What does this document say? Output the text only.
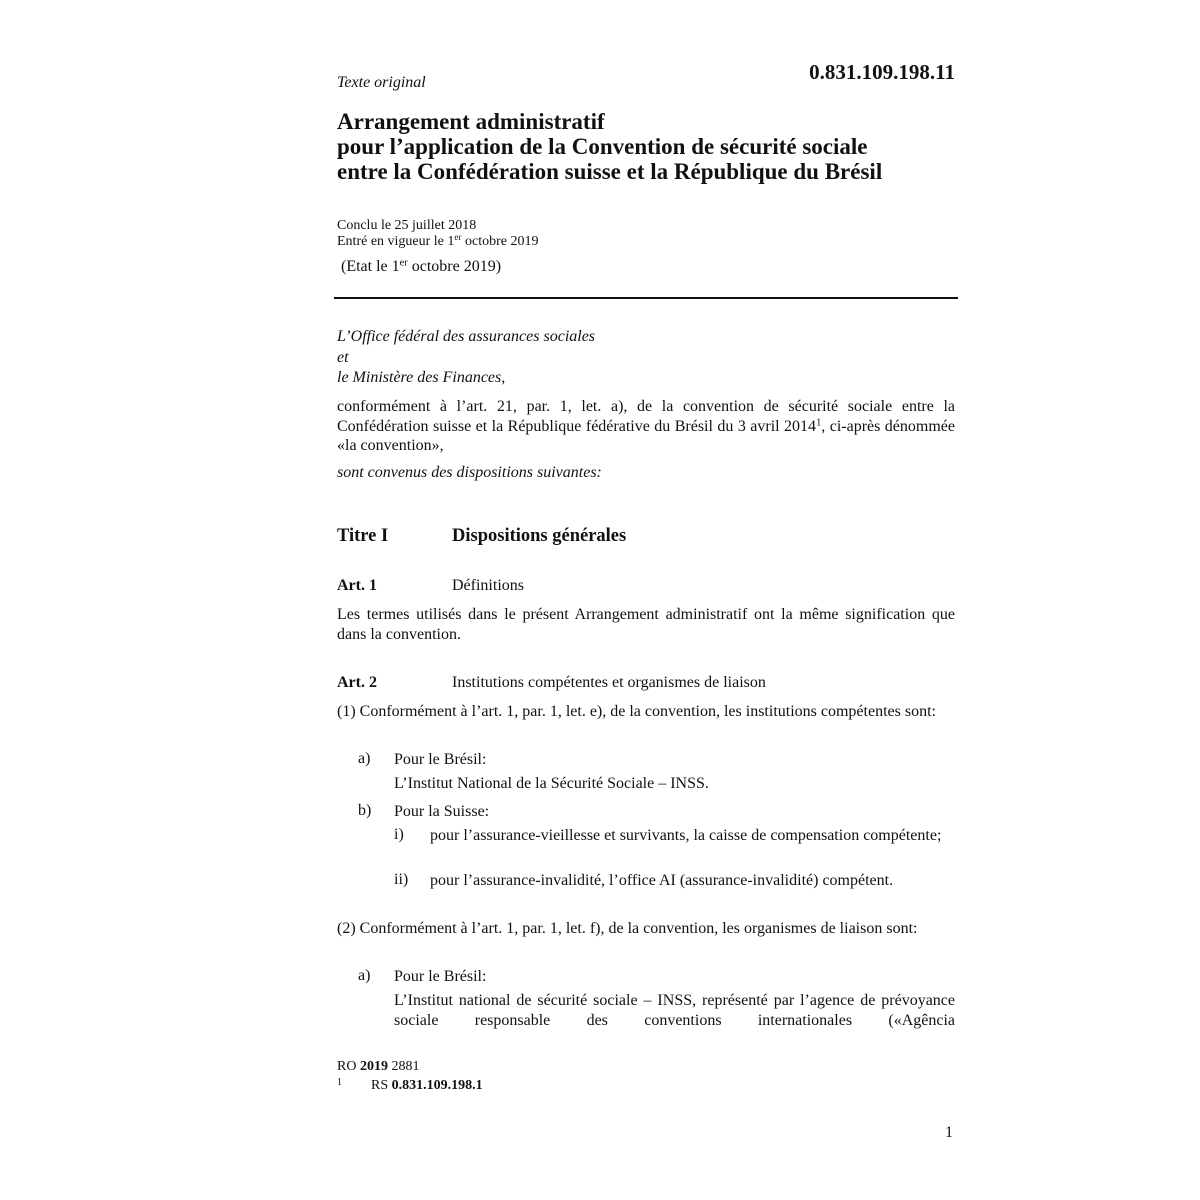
Texte original	0.831.109.198.11
Arrangement administratif
pour l’application de la Convention de sécurité sociale
entre la Confédération suisse et la République du Brésil
Conclu le 25 juillet 2018
Entré en vigueur le 1er octobre 2019
(Etat le 1er octobre 2019)
L’Office fédéral des assurances sociales
et
le Ministère des Finances,
conformément à l’art. 21, par. 1, let. a), de la convention de sécurité sociale entre la Confédération suisse et la République fédérative du Brésil du 3 avril 2014$^1$, ci-après dénommée «la convention»,
sont convenus des dispositions suivantes:
Titre I	Dispositions générales
Art. 1	Définitions
Les termes utilisés dans le présent Arrangement administratif ont la même signification que dans la convention.
Art. 2	Institutions compétentes et organismes de liaison
(1) Conformément à l’art. 1, par. 1, let. e), de la convention, les institutions compétentes sont:
a) Pour le Brésil:
L’Institut National de la Sécurité Sociale – INSS.
b) Pour la Suisse:
i) pour l’assurance-vieillesse et survivants, la caisse de compensation compétente;
ii) pour l’assurance-invalidité, l’office AI (assurance-invalidité) compétent.
(2) Conformément à l’art. 1, par. 1, let. f), de la convention, les organismes de liaison sont:
a) Pour le Brésil:
L’Institut national de sécurité sociale – INSS, représenté par l’agence de prévoyance sociale responsable des conventions internationales («Agência
RO 2019 2881
1 RS 0.831.109.198.1
1
